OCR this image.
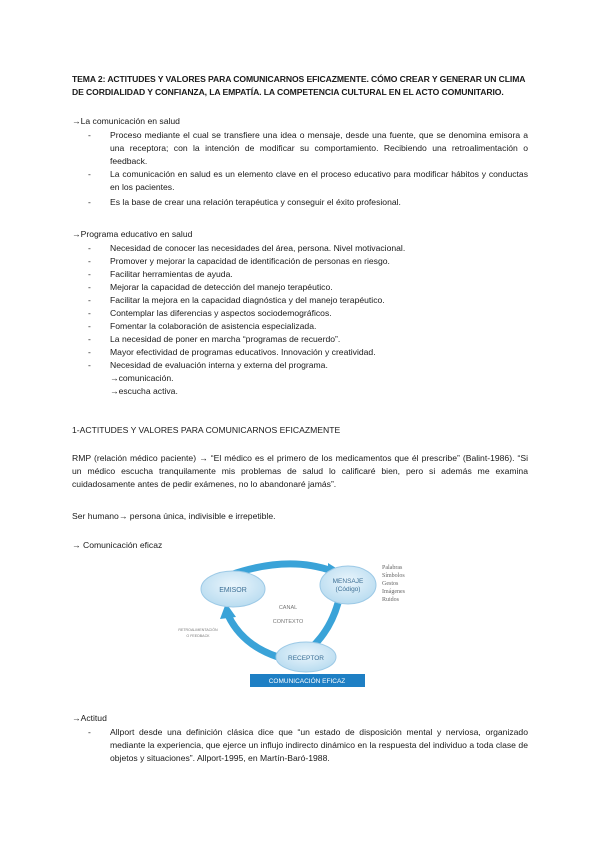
TEMA 2: ACTITUDES Y VALORES PARA COMUNICARNOS EFICAZMENTE. CÓMO CREAR Y GENERAR UN CLIMA DE CORDIALIDAD Y CONFIANZA, LA EMPATÍA. LA COMPETENCIA CULTURAL EN EL ACTO COMUNITARIO.
→La comunicación en salud
- Proceso mediante el cual se transfiere una idea o mensaje, desde una fuente, que se denomina emisora a una receptora; con la intención de modificar su comportamiento. Recibiendo una retroalimentación o feedback.
- La comunicación en salud es un elemento clave en el proceso educativo para modificar hábitos y conductas en los pacientes.
- Es la base de crear una relación terapéutica y conseguir el éxito profesional.
→Programa educativo en salud
- Necesidad de conocer las necesidades del área, persona. Nivel motivacional.
- Promover y mejorar la capacidad de identificación de personas en riesgo.
- Facilitar herramientas de ayuda.
- Mejorar la capacidad de detección del manejo terapéutico.
- Facilitar la mejora en la capacidad diagnóstica y del manejo terapéutico.
- Contemplar las diferencias y aspectos sociodemográficos.
- Fomentar la colaboración de asistencia especializada.
- La necesidad de poner en marcha “programas de recuerdo”.
- Mayor efectividad de programas educativos. Innovación y creatividad.
- Necesidad de evaluación interna y externa del programa.
→comunicación.
→escucha activa.
1-ACTITUDES Y VALORES PARA COMUNICARNOS EFICAZMENTE
RMP (relación médico paciente) → “El médico es el primero de los medicamentos que él prescribe” (Balint-1986). “Si un médico escucha tranquilamente mis problemas de salud lo calificaré bien, pero si además me examina cuidadosamente antes de pedir exámenes, no lo abandonaré jamás”.
Ser humano→ persona única, indivisible e irrepetible.
→ Comunicación eficaz
EMISOR
MENSAJE
(Código)
RECEPTOR
CANAL
CONTEXTO
RETROALIMENTACIÓN
O FEEDBACK
Palabras
Símbolos
Gestos
Imágenes
Ruidos
COMUNICACIÓN EFICAZ
→Actitud
- Allport desde una definición clásica dice que “un estado de disposición mental y nerviosa, organizado mediante la experiencia, que ejerce un influjo indirecto dinámico en la respuesta del individuo a toda clase de objetos y situaciones”. Allport-1995, en Martín-Baró-1988.
